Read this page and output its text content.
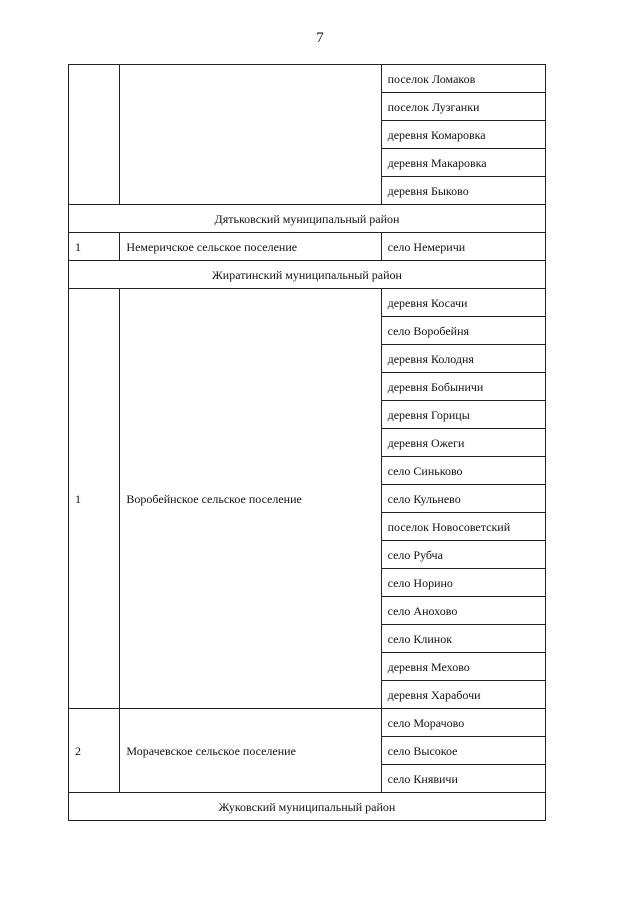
7
		поселок Ломаков
		поселок Лузганки
		деревня Комаровка
		деревня Макаровка
		деревня Быково
Дятьковский муниципальный район		
1	Немеричское сельское поселение	село Немеричи
Жиратинский муниципальный район		
1	Воробейнское сельское поселение	деревня Косачи
		село Воробейня
		деревня Колодня
		деревня Бобыничи
		деревня Горицы
		деревня Ожеги
		село Синьково
		село Кульнево
		поселок Новосоветский
		село Рубча
		село Норино
		село Анохово
		село Клинок
		деревня Мехово
		деревня Харабочи
2	Морачевское сельское поселение	село Морачово
		село Высокое
		село Княвичи
Жуковский муниципальный район		
